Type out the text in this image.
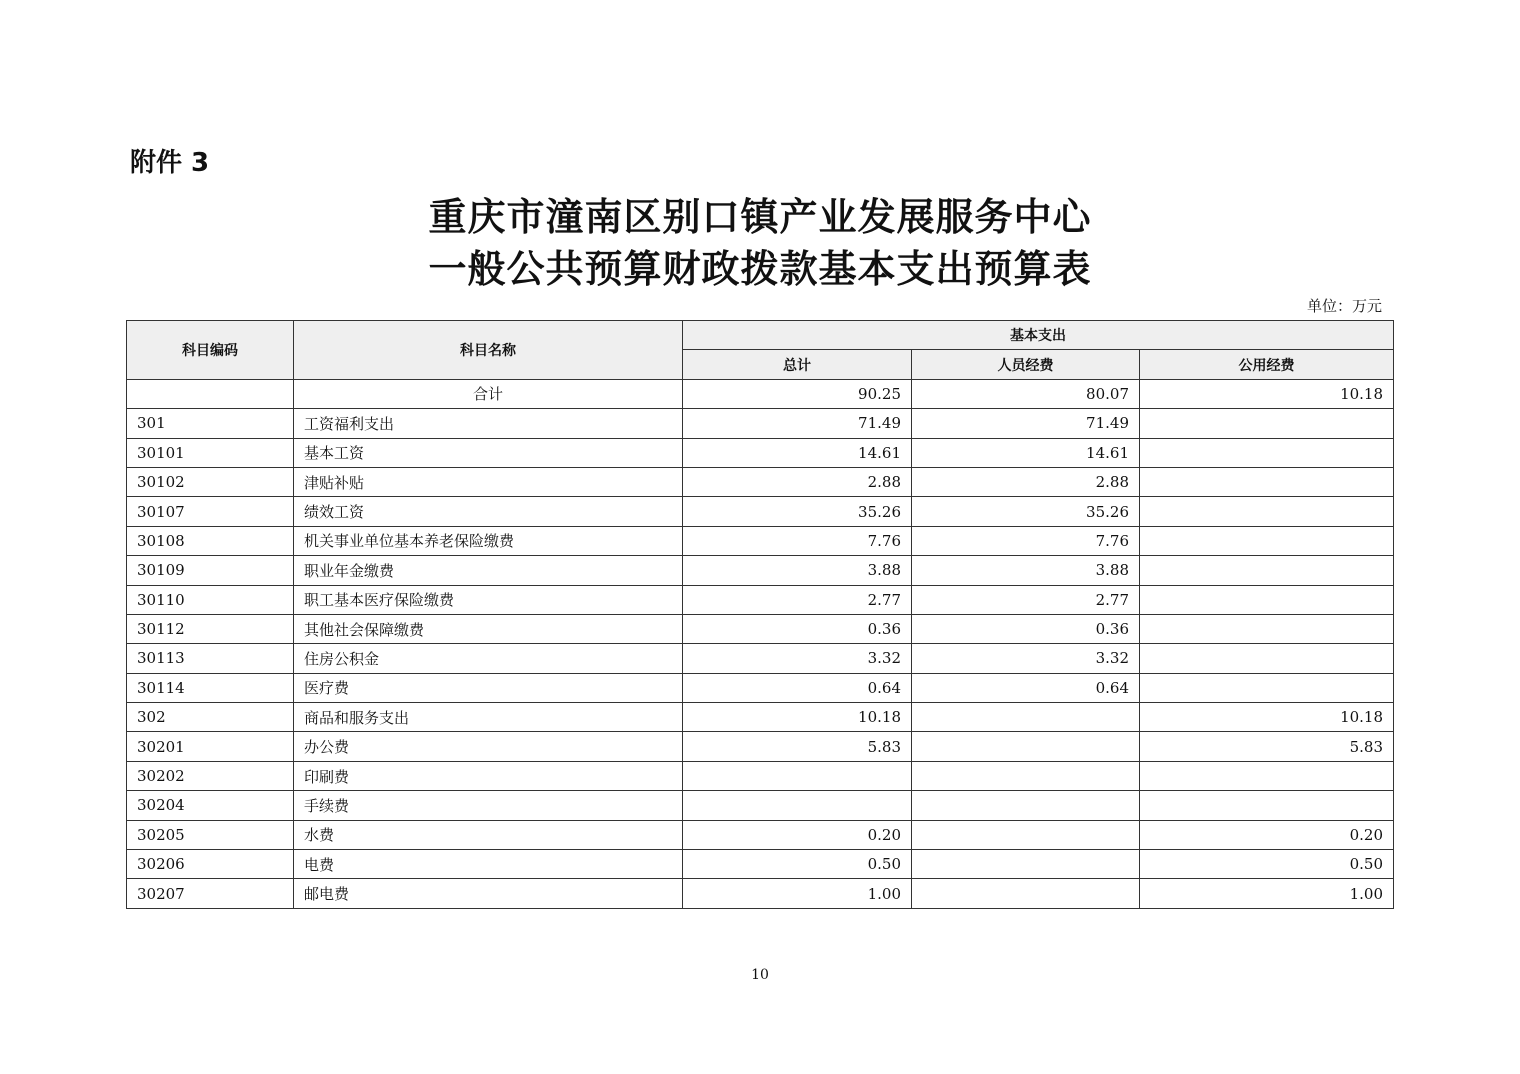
附件 3
重庆市潼南区别口镇产业发展服务中心
一般公共预算财政拨款基本支出预算表
单位：万元
科目编码	科目名称	基本支出		
		总计	人员经费	公用经费
	合计	90.25	80.07	10.18
301	工资福利支出	71.49	71.49	
30101	基本工资	14.61	14.61	
30102	津贴补贴	2.88	2.88	
30107	绩效工资	35.26	35.26	
30108	机关事业单位基本养老保险缴费	7.76	7.76	
30109	职业年金缴费	3.88	3.88	
30110	职工基本医疗保险缴费	2.77	2.77	
30112	其他社会保障缴费	0.36	0.36	
30113	住房公积金	3.32	3.32	
30114	医疗费	0.64	0.64	
302	商品和服务支出	10.18		10.18
30201	办公费	5.83		5.83
30202	印刷费			
30204	手续费			
30205	水费	0.20		0.20
30206	电费	0.50		0.50
30207	邮电费	1.00		1.00
10
